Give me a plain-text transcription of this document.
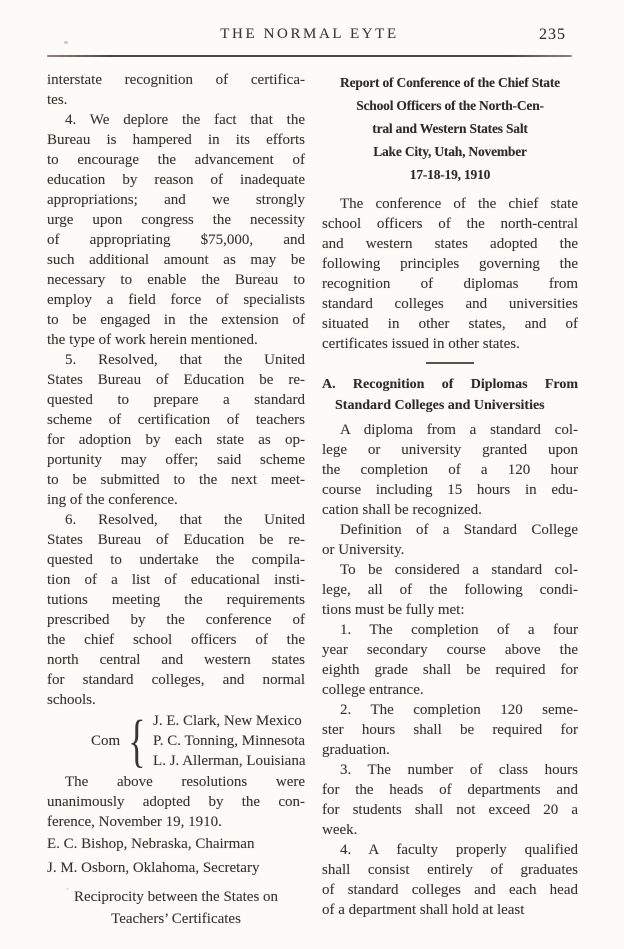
THE NORMAL EYTE	235
interstate recognition of certifica-
tes.
4. We deplore the fact that the
Bureau is hampered in its efforts
to encourage the advancement of
education by reason of inadequate
appropriations; and we strongly
urge upon congress the necessity
of appropriating $75,000, and
such additional amount as may be
necessary to enable the Bureau to
employ a field force of specialists
to be engaged in the extension of
the type of work herein mentioned.
5. Resolved, that the United
States Bureau of Education be re-
quested to prepare a standard
scheme of certification of teachers
for adoption by each state as op-
portunity may offer; said scheme
to be submitted to the next meet-
ing of the conference.
6. Resolved, that the United
States Bureau of Education be re-
quested to undertake the compila-
tion of a list of educational insti-
tutions meeting the requirements
prescribed by the conference of
the chief school officers of the
north central and western states
for standard colleges, and normal
schools.
Com { J. E. Clark, New Mexico
P. C. Tonning, Minnesota
L. J. Allerman, Louisiana
The above resolutions were
unanimously adopted by the con-
ference, November 19, 1910.
E. C. Bishop, Nebraska, Chairman
J. M. Osborn, Oklahoma, Secretary
Reciprocity between the States on
Teachers’ Certificates
Report of Conference of the Chief State
School Officers of the North-Cen-
tral and Western States Salt
Lake City, Utah, November
17-18-19, 1910
The conference of the chief state
school officers of the north-central
and western states adopted the
following principles governing the
recognition of diplomas from
standard colleges and universities
situated in other states, and of
certificates issued in other states.
A. Recognition of Diplomas From
Standard Colleges and Universities
A diploma from a standard col-
lege or university granted upon
the completion of a 120 hour
course including 15 hours in edu-
cation shall be recognized.
Definition of a Standard College
or University.
To be considered a standard col-
lege, all of the following condi-
tions must be fully met:
1. The completion of a four
year secondary course above the
eighth grade shall be required for
college entrance.
2. The completion 120 seme-
ster hours shall be required for
graduation.
3. The number of class hours
for the heads of departments and
for students shall not exceed 20 a
week.
4. A faculty properly qualified
shall consist entirely of graduates
of standard colleges and each head
of a department shall hold at least
